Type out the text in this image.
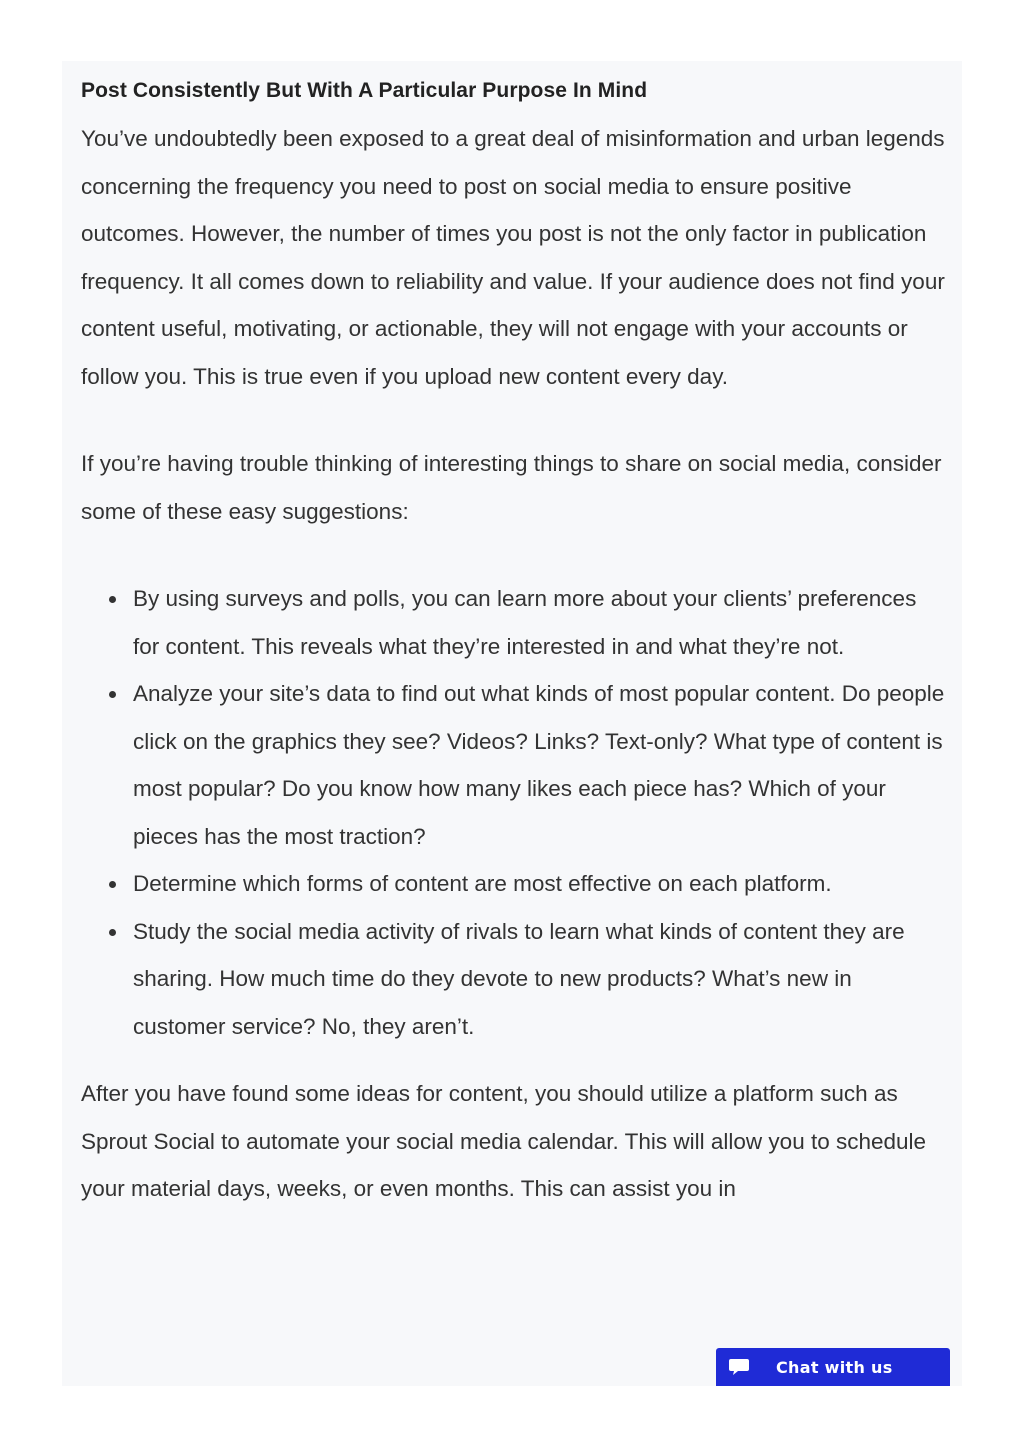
Post Consistently But With A Particular Purpose In Mind

You’ve undoubtedly been exposed to a great deal of misinformation and urban legends concerning the frequency you need to post on social media to ensure positive outcomes. However, the number of times you post is not the only factor in publication frequency. It all comes down to reliability and value. If your audience does not find your content useful, motivating, or actionable, they will not engage with your accounts or follow you. This is true even if you upload new content every day.

If you’re having trouble thinking of interesting things to share on social media, consider some of these easy suggestions:

By using surveys and polls, you can learn more about your clients’ preferences for content. This reveals what they’re interested in and what they’re not.
Analyze your site’s data to find out what kinds of most popular content. Do people click on the graphics they see? Videos? Links? Text-only? What type of content is most popular? Do you know how many likes each piece has? Which of your pieces has the most traction?
Determine which forms of content are most effective on each platform.
Study the social media activity of rivals to learn what kinds of content they are sharing. How much time do they devote to new products? What’s new in customer service? No, they aren’t.

After you have found some ideas for content, you should utilize a platform such as Sprout Social to automate your social media calendar. This will allow you to schedule your material days, weeks, or even months. This can assist you in

Chat with us
